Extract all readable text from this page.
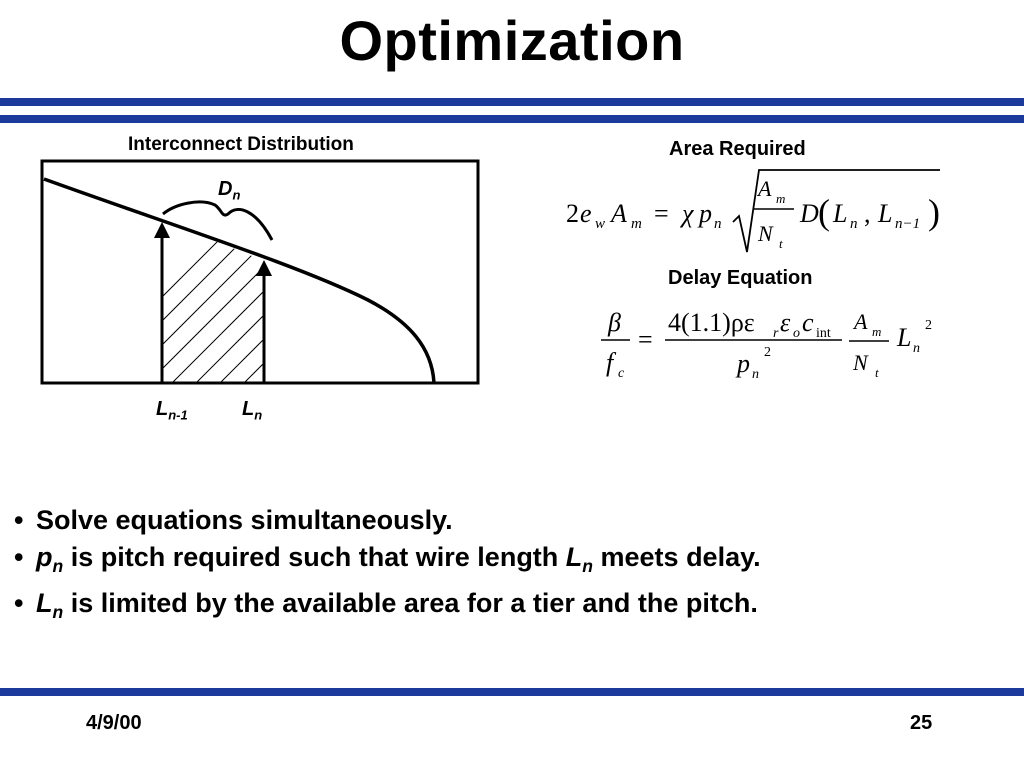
Optimization
Interconnect Distribution
$D_n$
$L_{n-1}$	$L_n$
Area Required
Delay Equation
2 e w A m = χ p n
A m
N t
D ( L n , L n−1 )
β
f c
=
4(1.1)ρε r ε o c int
p n
2
A m
N t
L n
2
• Solve equations simultaneously.
• $p_n$ is pitch required such that wire length $L_n$ meets delay.
• $L_n$ is limited by the available area for a tier and the pitch.
4/9/00	25
